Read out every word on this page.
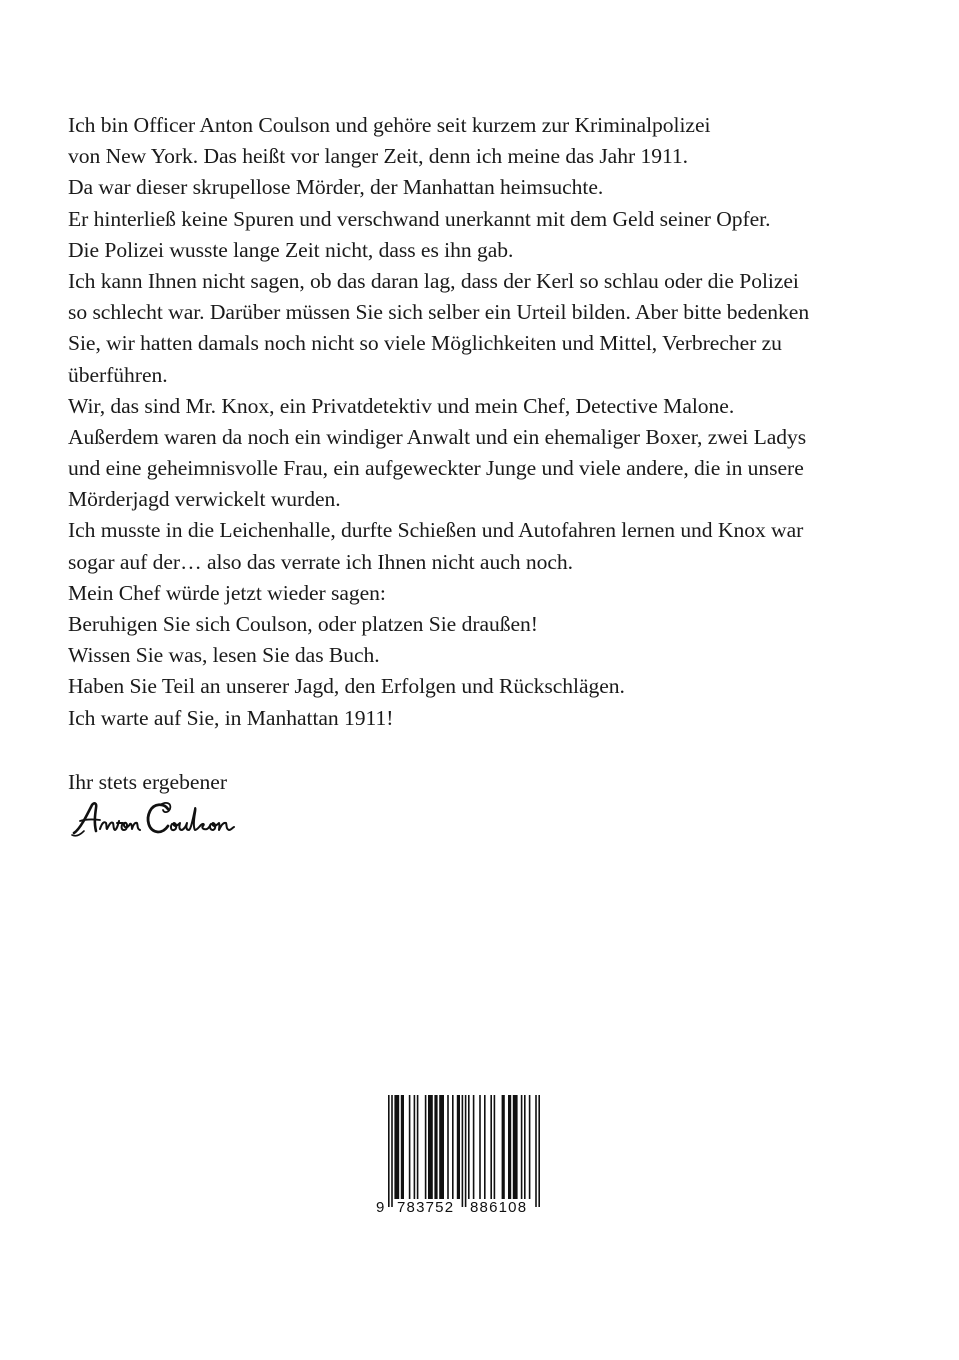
Ich bin Officer Anton Coulson und gehöre seit kurzem zur Kriminalpolizei
von New York. Das heißt vor langer Zeit, denn ich meine das Jahr 1911.
Da war dieser skrupellose Mörder, der Manhattan heimsuchte.
Er hinterließ keine Spuren und verschwand unerkannt mit dem Geld seiner Opfer.
Die Polizei wusste lange Zeit nicht, dass es ihn gab.
Ich kann Ihnen nicht sagen, ob das daran lag, dass der Kerl so schlau oder die Polizei
so schlecht war. Darüber müssen Sie sich selber ein Urteil bilden. Aber bitte bedenken
Sie, wir hatten damals noch nicht so viele Möglichkeiten und Mittel, Verbrecher zu
überführen.
Wir, das sind Mr. Knox, ein Privatdetektiv und mein Chef, Detective Malone.
Außerdem waren da noch ein windiger Anwalt und ein ehemaliger Boxer, zwei Ladys
und eine geheimnisvolle Frau, ein aufgeweckter Junge und viele andere, die in unsere
Mörderjagd verwickelt wurden.
Ich musste in die Leichenhalle, durfte Schießen und Autofahren lernen und Knox war
sogar auf der… also das verrate ich Ihnen nicht auch noch.
Mein Chef würde jetzt wieder sagen:
Beruhigen Sie sich Coulson, oder platzen Sie draußen!
Wissen Sie was, lesen Sie das Buch.
Haben Sie Teil an unserer Jagd, den Erfolgen und Rückschlägen.
Ich warte auf Sie, in Manhattan 1911!
Ihr stets ergebener
9 783752 886108
